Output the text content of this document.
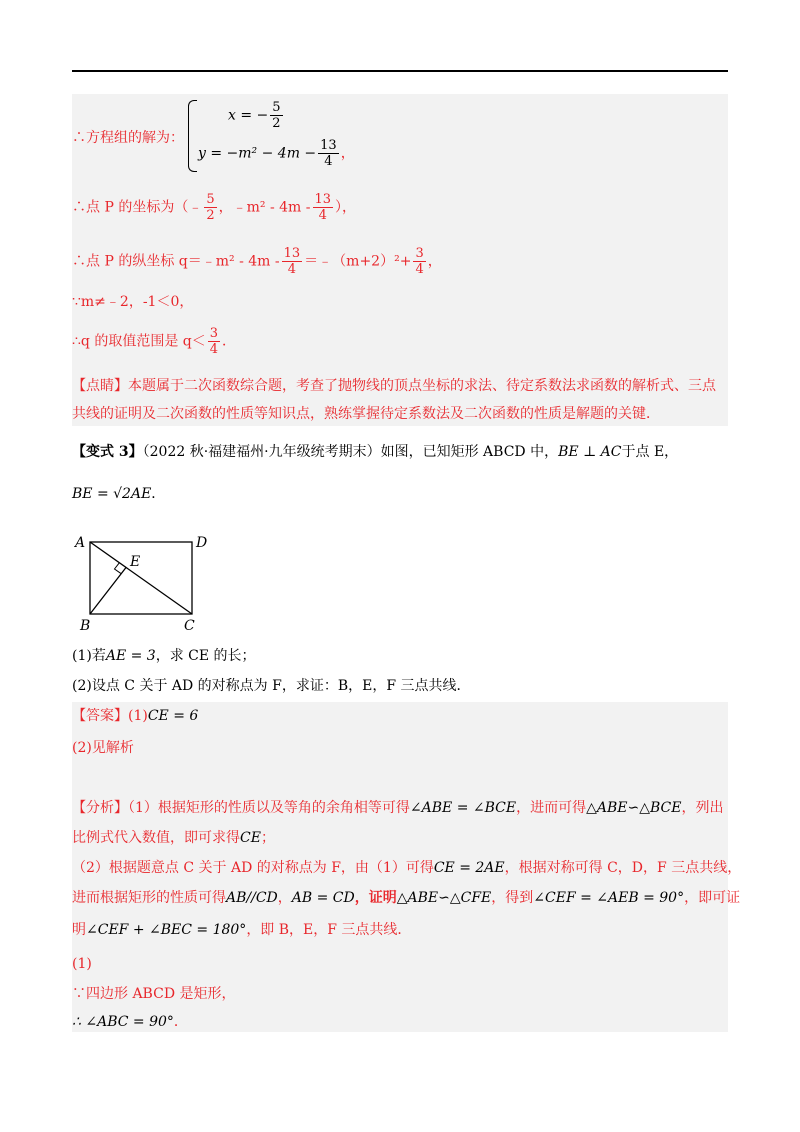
∴方程组的解为：
x = − $\frac{5}{2}$
$y = -m^2 - 4m - \frac{13}{4}$ ，
∴点 P 的坐标为（﹣ $\frac{5}{2}$ ，﹣m² - $4m - \frac{13}{4}$ ），
∴点 P 的纵坐标 q＝﹣m² - $4m - \frac{13}{4}$ ＝﹣（m+2）²+ $\frac{3}{4}$ ，
∵m≠﹣2，-1＜0，
∴q 的取值范围是 $q< \frac{3}{4}$ ．
【点睛】本题属于二次函数综合题，考查了抛物线的顶点坐标的求法、待定系数法求函数的解析式、三点
共线的证明及二次函数的性质等知识点，熟练掌握待定系数法及二次函数的性质是解题的关键．
【变式 3】（2022 秋·福建福州·九年级统考期末）如图，已知矩形 ABCD 中，BE ⊥ AC于点 E，
BE = √2AE．
A	D
B	C
E
(1)若AE = 3，求 CE 的长；
(2)设点 C 关于 AD 的对称点为 F，求证：B，E，F 三点共线．
【答案】(1)CE = 6
(2)见解析
【分析】（1）根据矩形的性质以及等角的余角相等可得∠ABE = ∠BCE，进而可得△ABE∽△BCE，列出
比例式代入数值，即可求得CE；
（2）根据题意点 C 关于 AD 的对称点为 F，由（1）可得CE = 2AE，根据对称可得 C，D，F 三点共线，
进而根据矩形的性质可得AB//CD，AB = CD，证明△ABE∽△CFE，得到∠CEF = ∠AEB = 90°，即可证
明∠CEF + ∠BEC = 180°，即 B，E，F 三点共线．
(1)
∵四边形 ABCD 是矩形，
∴ ∠ABC = 90°．
